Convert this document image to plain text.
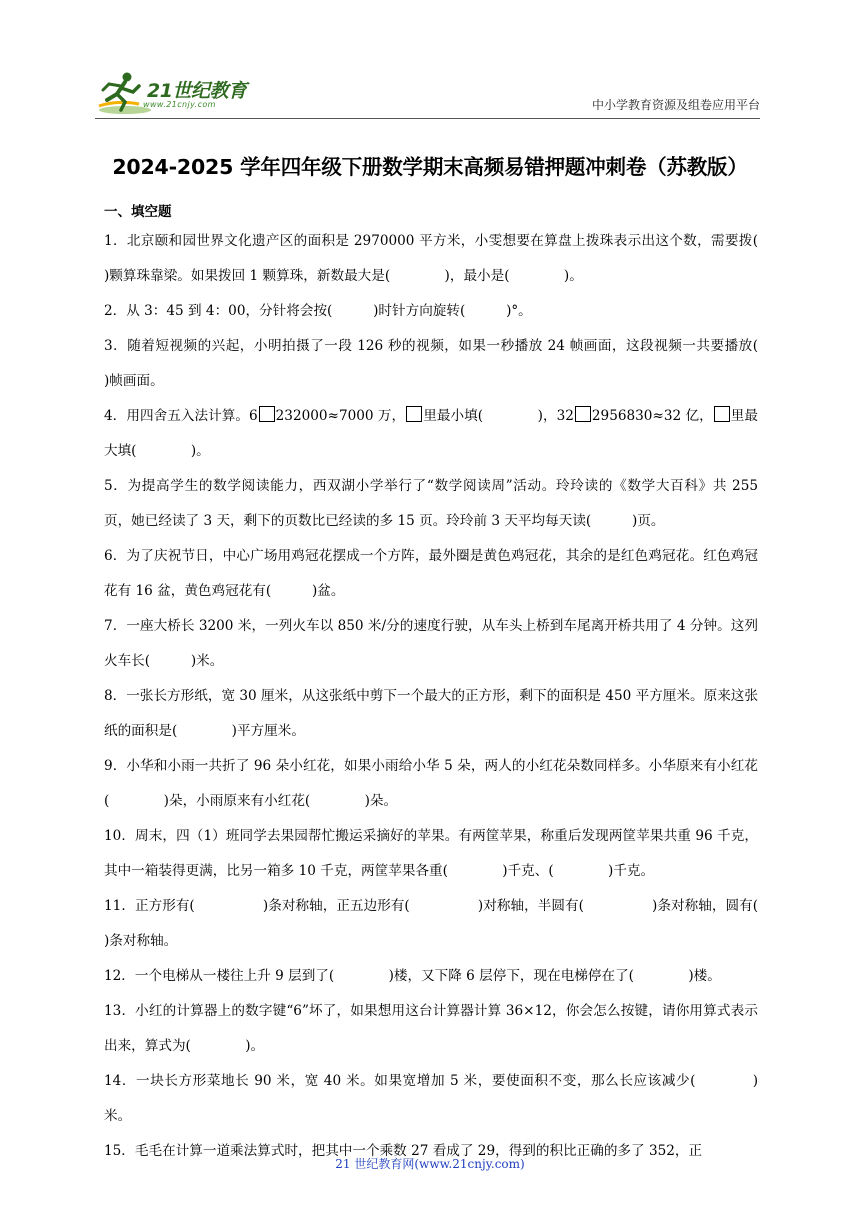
21世纪教育
www.21cnjy.com	中小学教育资源及组卷应用平台
2024-2025 学年四年级下册数学期末高频易错押题冲刺卷（苏教版）
一、填空题
1．北京颐和园世界文化遗产区的面积是 2970000 平方米，小雯想要在算盘上拨珠表示出这个数，需要拨(　　　　)颗算珠靠梁。如果拨回 1 颗算珠，新数最大是(　　　　)，最小是(　　　　)。
2．从 3：45 到 4：00，分针将会按(　　　)时针方向旋转(　　　)°。
3．随着短视频的兴起，小明拍摄了一段 126 秒的视频，如果一秒播放 24 帧画面，这段视频一共要播放(　　　　)帧画面。
4．用四舍五入法计算。6 232000≈7000 万， 里最小填(　　　　)，32 2956830≈32 亿， 里最大填(　　　　)。
5．为提高学生的数学阅读能力，西双湖小学举行了“数学阅读周”活动。玲玲读的《数学大百科》共 255 页，她已经读了 3 天，剩下的页数比已经读的多 15 页。玲玲前 3 天平均每天读(　　　)页。
6．为了庆祝节日，中心广场用鸡冠花摆成一个方阵，最外圈是黄色鸡冠花，其余的是红色鸡冠花。红色鸡冠花有 16 盆，黄色鸡冠花有(　　　)盆。
7．一座大桥长 3200 米，一列火车以 850 米/分的速度行驶，从车头上桥到车尾离开桥共用了 4 分钟。这列火车长(　　　)米。
8．一张长方形纸，宽 30 厘米，从这张纸中剪下一个最大的正方形，剩下的面积是 450 平方厘米。原来这张纸的面积是(　　　　)平方厘米。
9．小华和小雨一共折了 96 朵小红花，如果小雨给小华 5 朵，两人的小红花朵数同样多。小华原来有小红花(　　　　)朵，小雨原来有小红花(　　　　)朵。
10．周末，四（1）班同学去果园帮忙搬运采摘好的苹果。有两筐苹果，称重后发现两筐苹果共重 96 千克，其中一箱装得更满，比另一箱多 10 千克，两筐苹果各重(　　　　)千克、(　　　　)千克。
11．正方形有(　　　　　)条对称轴，正五边形有(　　　　　)对称轴，半圆有(　　　　　)条对称轴，圆有(　　　　)条对称轴。
12．一个电梯从一楼往上升 9 层到了(　　　　)楼，又下降 6 层停下，现在电梯停在了(　　　　)楼。
13．小红的计算器上的数字键“6”坏了，如果想用这台计算器计算 36×12，你会怎么按键，请你用算式表示出来，算式为(　　　　)。
14．一块长方形菜地长 90 米，宽 40 米。如果宽增加 5 米，要使面积不变，那么长应该减少(　　　　)米。
15．毛毛在计算一道乘法算式时，把其中一个乘数 27 看成了 29，得到的积比正确的多了 352，正
21 世纪教育网(www.21cnjy.com)
